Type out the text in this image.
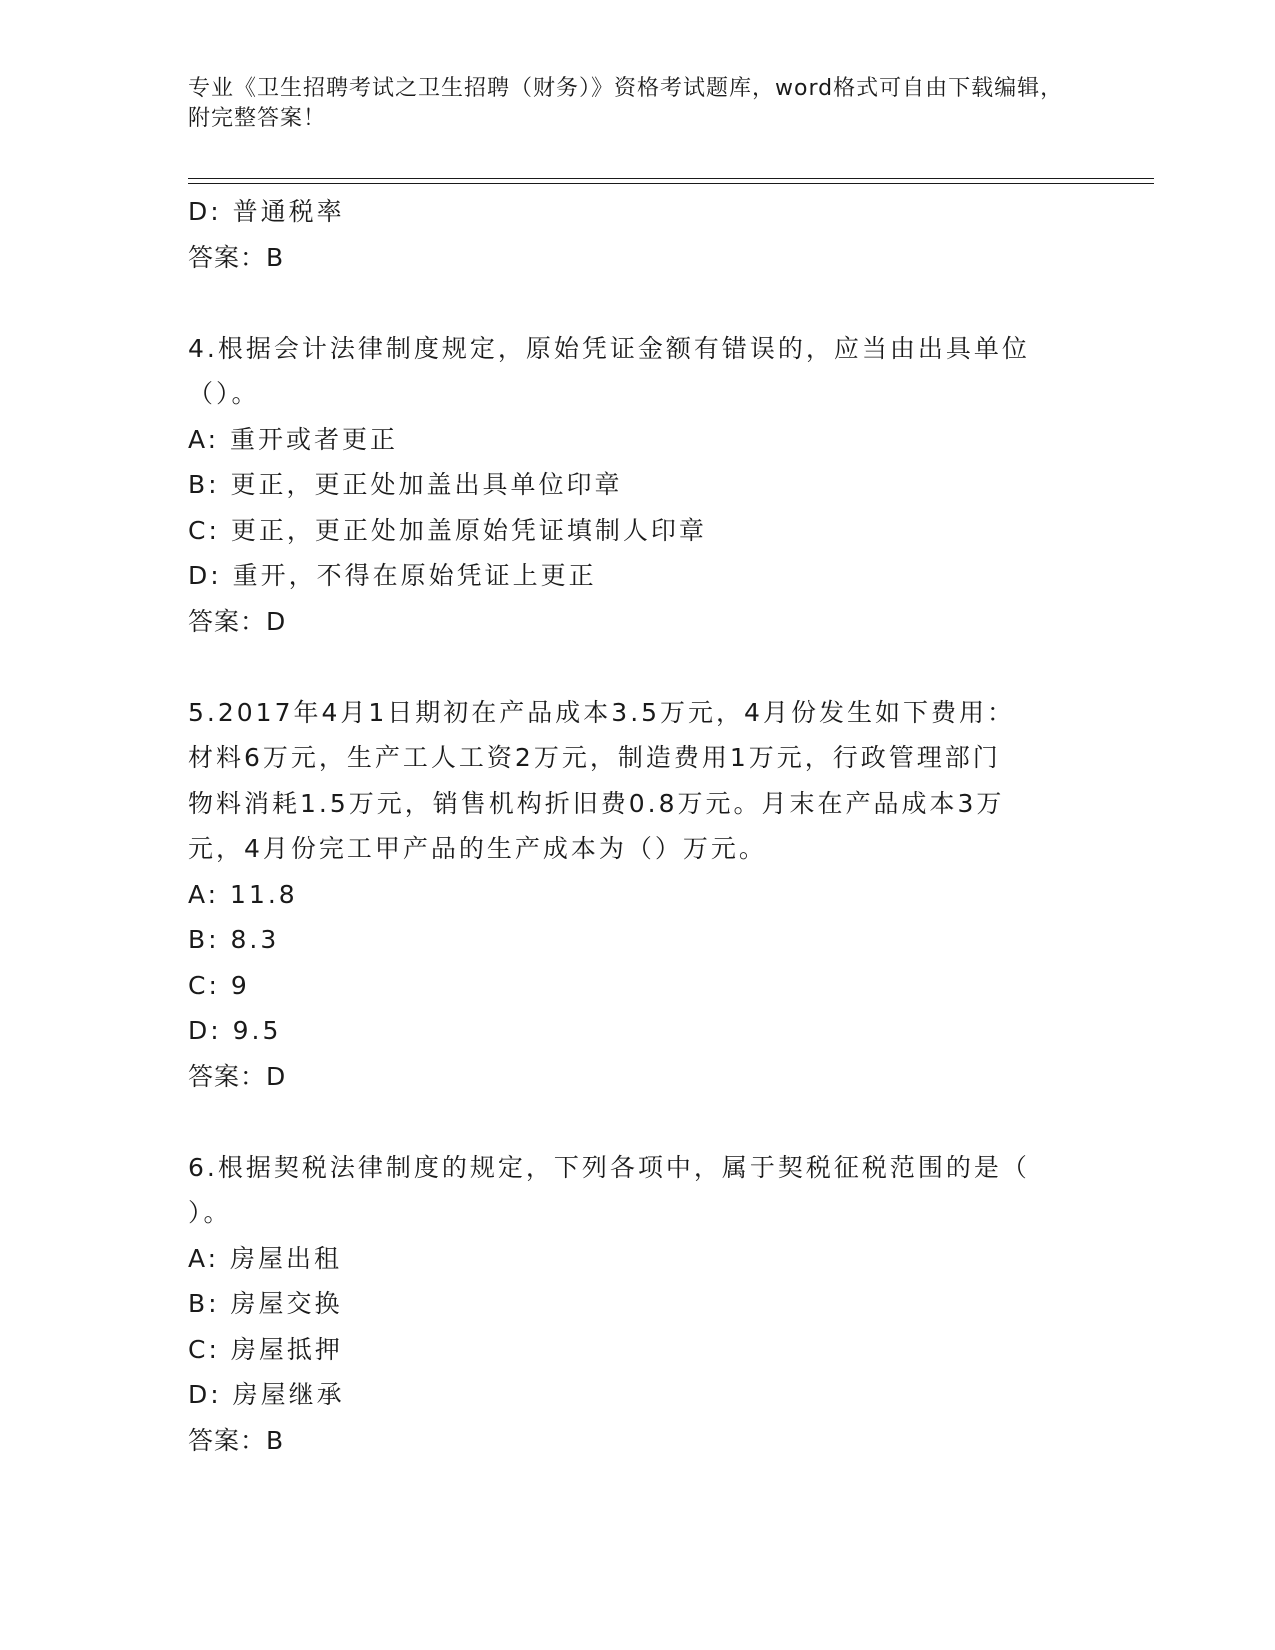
专业《卫生招聘考试之卫生招聘（财务）》资格考试题库，word格式可自由下载编辑，附完整答案！
D: 普通税率
答案：B
4.根据会计法律制度规定，原始凭证金额有错误的，应当由出具单位
（）。
A: 重开或者更正
B: 更正，更正处加盖出具单位印章
C: 更正，更正处加盖原始凭证填制人印章
D: 重开，不得在原始凭证上更正
答案：D
5.2017年4月1日期初在产品成本3.5万元，4月份发生如下费用：
材料6万元，生产工人工资2万元，制造费用1万元，行政管理部门
物料消耗1.5万元，销售机构折旧费0.8万元。月末在产品成本3万
元，4月份完工甲产品的生产成本为（）万元。
A: 11.8
B: 8.3
C: 9
D: 9.5
答案：D
6.根据契税法律制度的规定，下列各项中，属于契税征税范围的是（
）。
A: 房屋出租
B: 房屋交换
C: 房屋抵押
D: 房屋继承
答案：B
